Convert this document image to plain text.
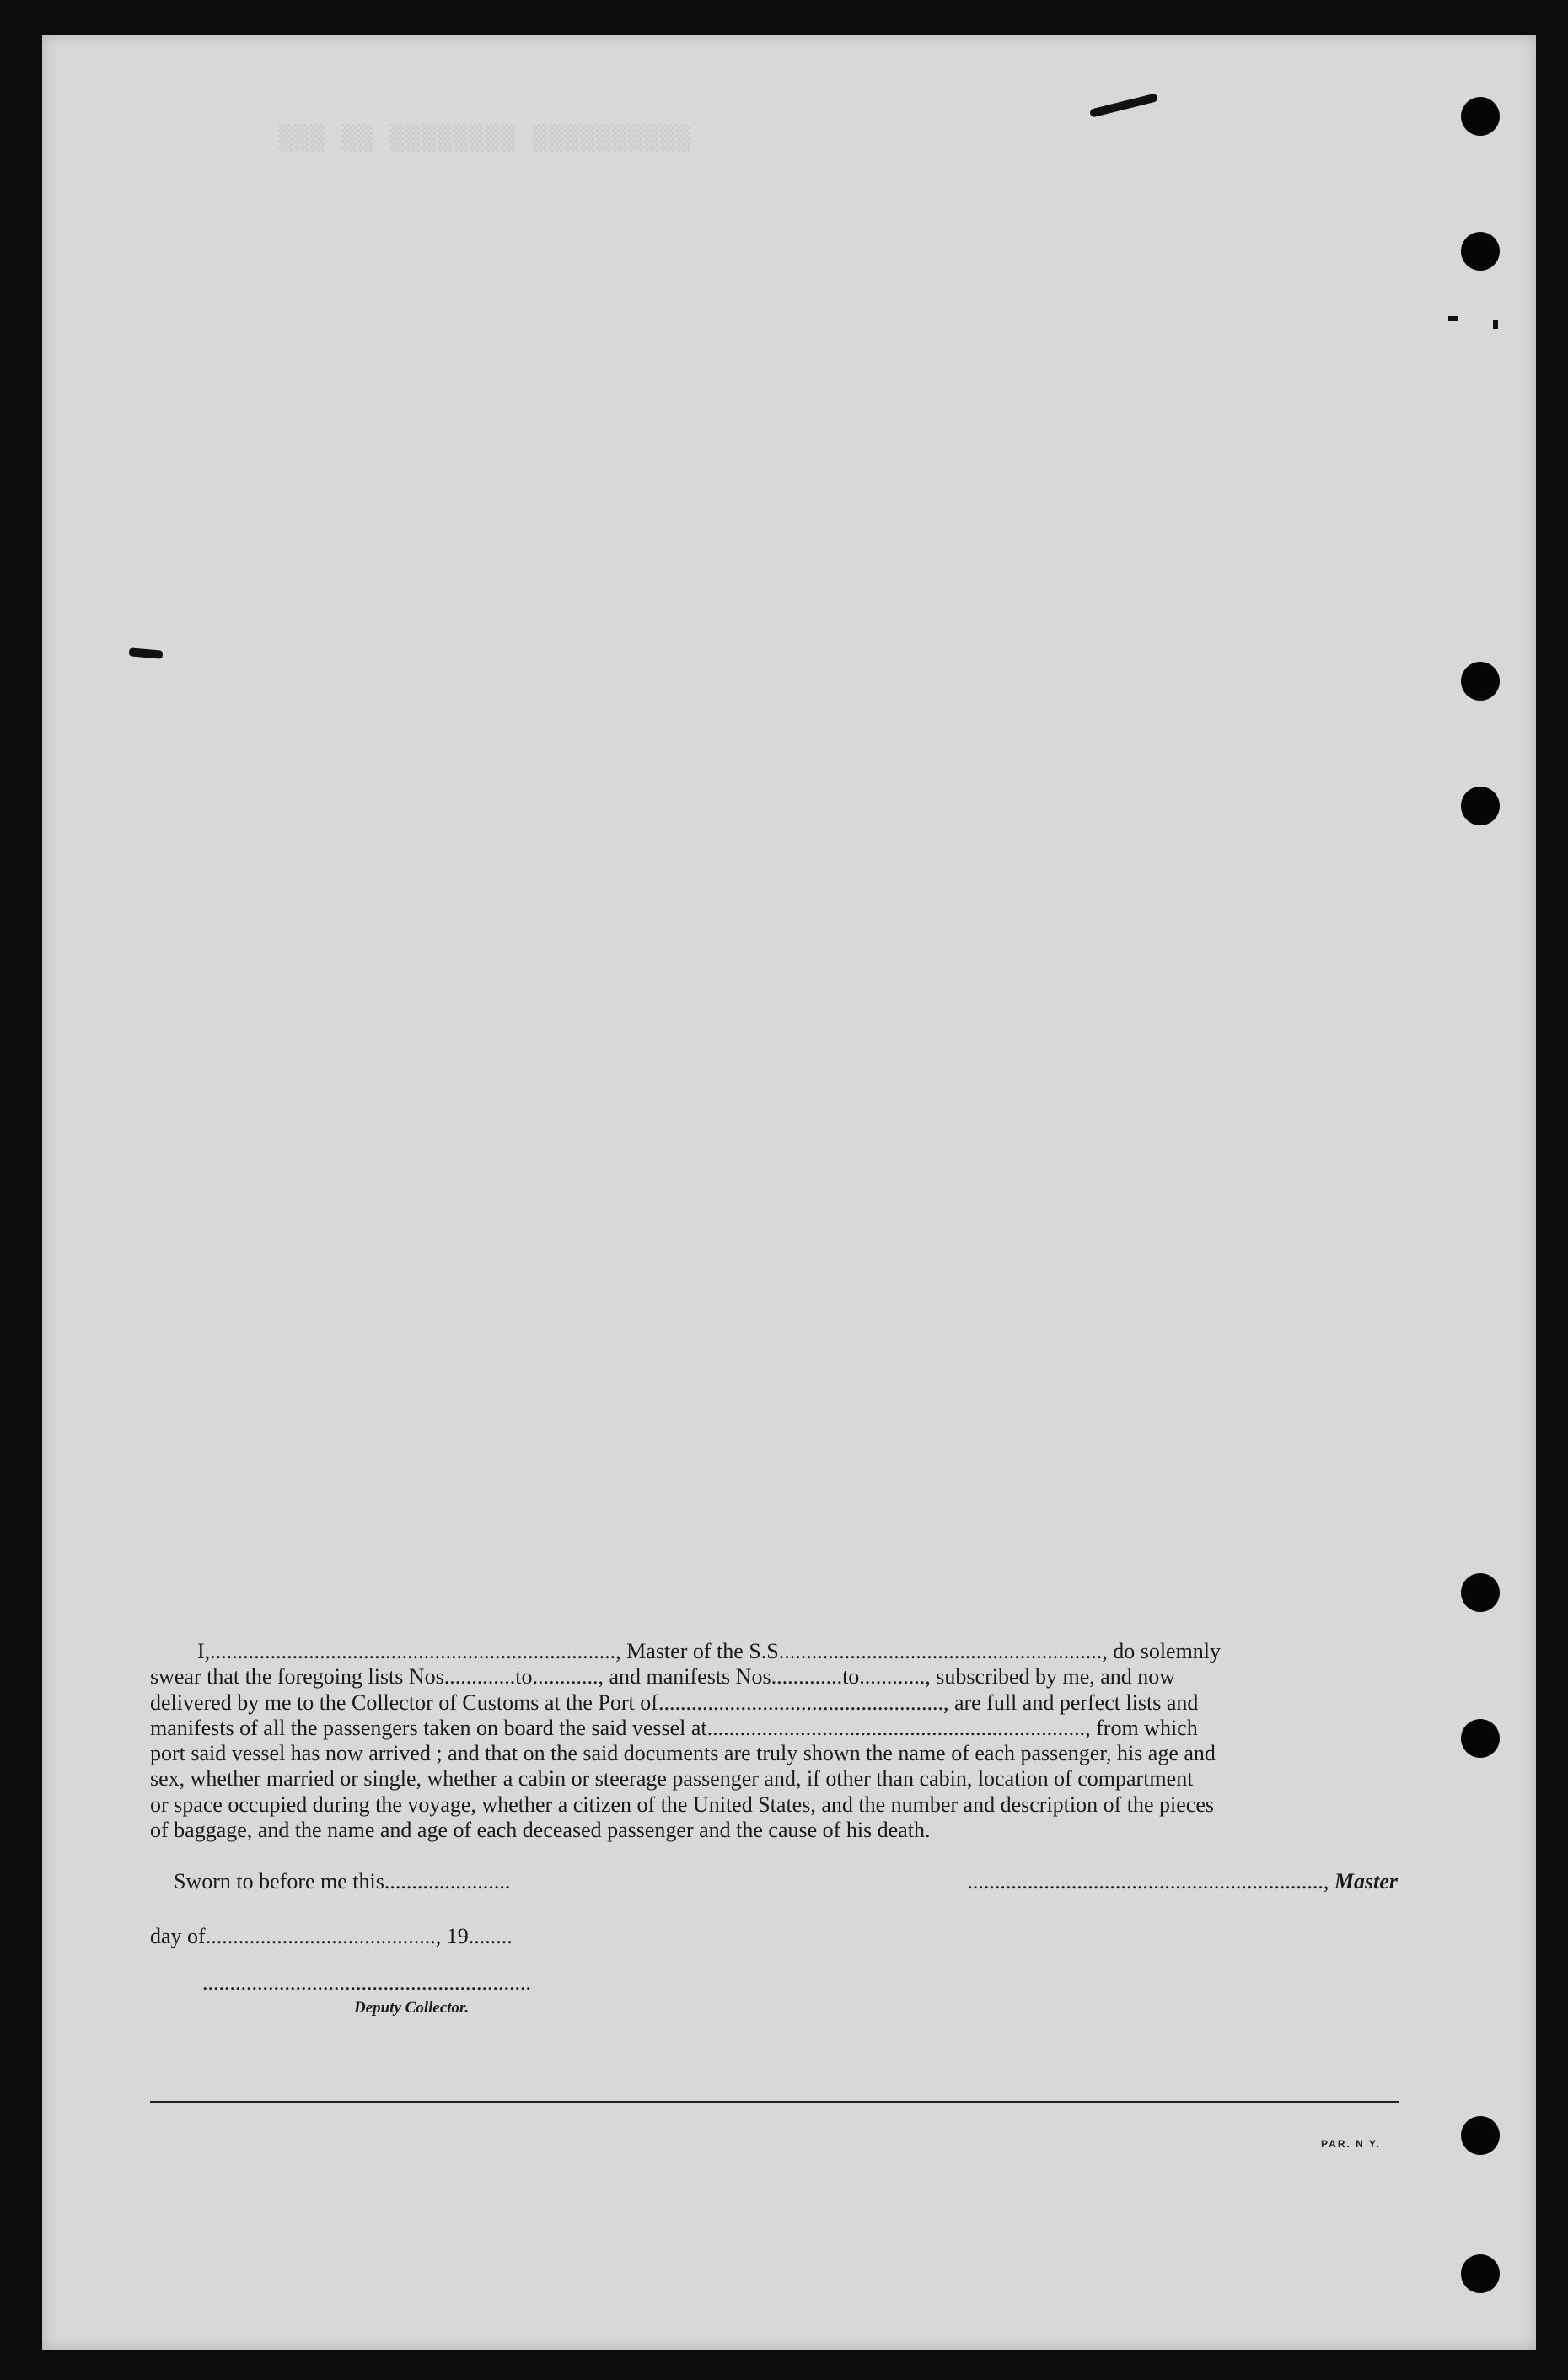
▒▒▒ ▒▒ ▒▒▒▒▒▒▒▒ ▒▒▒▒▒▒▒▒▒▒
I,.........................................................................., Master of the S.S..........................................................., do solemnly
swear that the foregoing lists Nos.............to............, and manifests Nos.............to............, subscribed by me, and now
delivered by me to the Collector of Customs at the Port of...................................................., are full and perfect lists and
manifests of all the passengers taken on board the said vessel at....................................................................., from which
port said vessel has now arrived ; and that on the said documents are truly shown the name of each passenger, his age and
sex, whether married or single, whether a cabin or steerage passenger and, if other than cabin, location of compartment
or space occupied during the voyage, whether a citizen of the United States, and the number and description of the pieces
of baggage, and the name and age of each deceased passenger and the cause of his death.
Sworn to before me this.......................	................................................................., Master
day of.........................................., 19........
............................................................
Deputy Collector.
PAR. N Y.
